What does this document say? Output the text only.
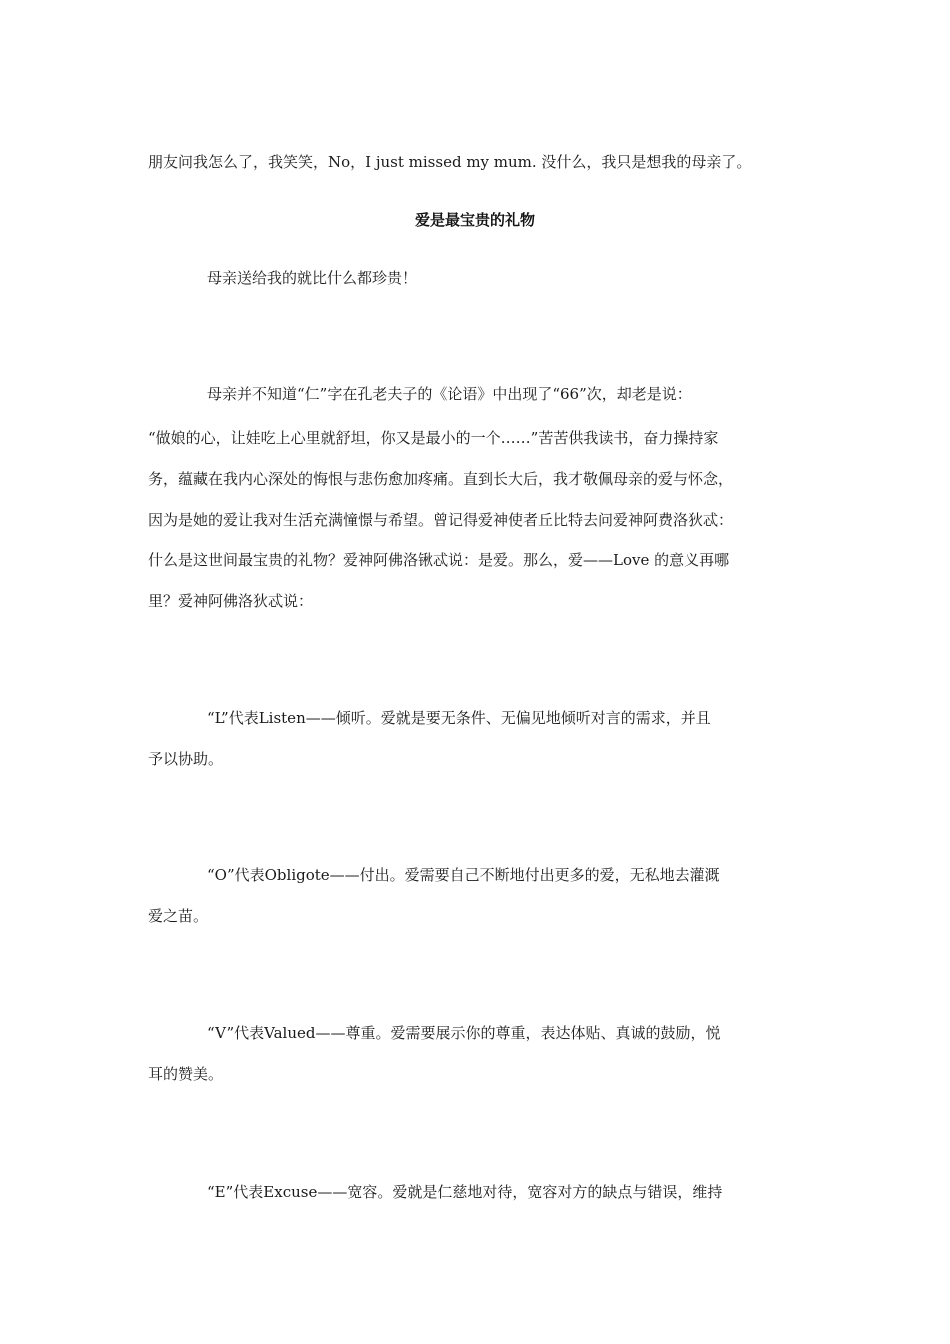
朋友问我怎么了，我笑笑，No，I just missed my mum. 没什么，我只是想我的母亲了。
爱是最宝贵的礼物
母亲送给我的就比什么都珍贵！
母亲并不知道“仁”字在孔老夫子的《论语》中出现了“66”次，却老是说：
“做娘的心，让娃吃上心里就舒坦，你又是最小的一个……”苦苦供我读书，奋力操持家
务，蕴藏在我内心深处的悔恨与悲伤愈加疼痛。直到长大后，我才敬佩母亲的爱与怀念，
因为是她的爱让我对生活充满憧憬与希望。曾记得爱神使者丘比特去问爱神阿费洛狄忒：
什么是这世间最宝贵的礼物？爱神阿佛洛锹忒说：是爱。那么，爱——Love 的意义再哪
里？爱神阿佛洛狄忒说：
“L”代表Listen——倾听。爱就是要无条件、无偏见地倾听对言的需求，并且
予以协助。
“O”代表Obligote——付出。爱需要自己不断地付出更多的爱，无私地去灌溉
爱之苗。
“V”代表Valued——尊重。爱需要展示你的尊重，表达体贴、真诚的鼓励，悦
耳的赞美。
“E”代表Excuse——宽容。爱就是仁慈地对待，宽容对方的缺点与错误，维持
